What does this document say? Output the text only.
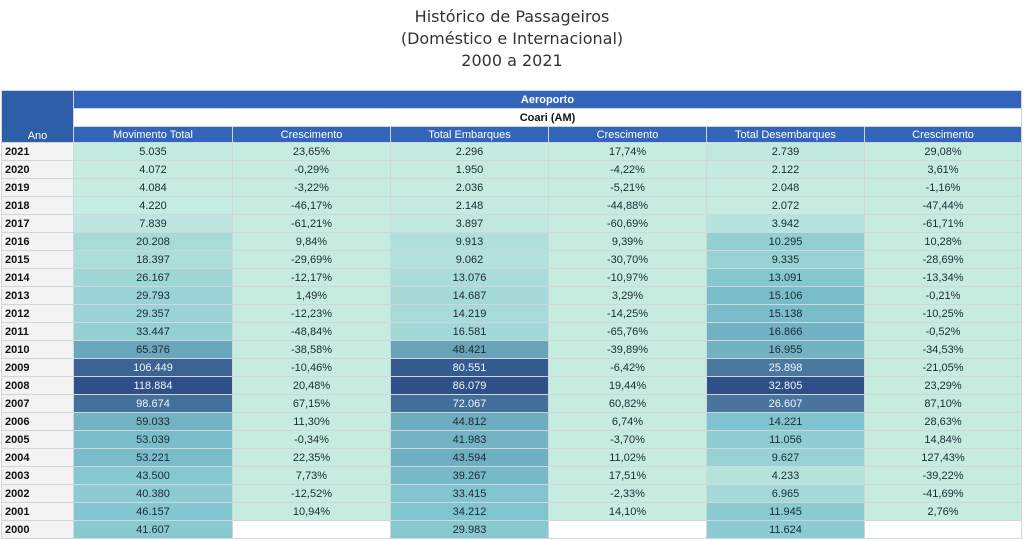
Histórico de Passageiros
(Doméstico e Internacional)
2000 a 2021
Ano	Aeroporto					
	Coari (AM)					
	Movimento Total	Crescimento	Total Embarques	Crescimento	Total Desembarques	Crescimento
2021	5.035	23,65%	2.296	17,74%	2.739	29,08%
2020	4.072	-0,29%	1.950	-4,22%	2.122	3,61%
2019	4.084	-3,22%	2.036	-5,21%	2.048	-1,16%
2018	4.220	-46,17%	2.148	-44,88%	2.072	-47,44%
2017	7.839	-61,21%	3.897	-60,69%	3.942	-61,71%
2016	20.208	9,84%	9.913	9,39%	10.295	10,28%
2015	18.397	-29,69%	9.062	-30,70%	9.335	-28,69%
2014	26.167	-12,17%	13.076	-10,97%	13.091	-13,34%
2013	29.793	1,49%	14.687	3,29%	15.106	-0,21%
2012	29.357	-12,23%	14.219	-14,25%	15.138	-10,25%
2011	33.447	-48,84%	16.581	-65,76%	16.866	-0,52%
2010	65.376	-38,58%	48.421	-39,89%	16.955	-34,53%
2009	106.449	-10,46%	80.551	-6,42%	25.898	-21,05%
2008	118.884	20,48%	86.079	19,44%	32.805	23,29%
2007	98.674	67,15%	72.067	60,82%	26.607	87,10%
2006	59.033	11,30%	44.812	6,74%	14.221	28,63%
2005	53.039	-0,34%	41.983	-3,70%	11.056	14,84%
2004	53.221	22,35%	43.594	11,02%	9.627	127,43%
2003	43.500	7,73%	39.267	17,51%	4.233	-39,22%
2002	40.380	-12,52%	33.415	-2,33%	6.965	-41,69%
2001	46.157	10,94%	34.212	14,10%	11.945	2,76%
2000	41.607		29.983		11.624	
